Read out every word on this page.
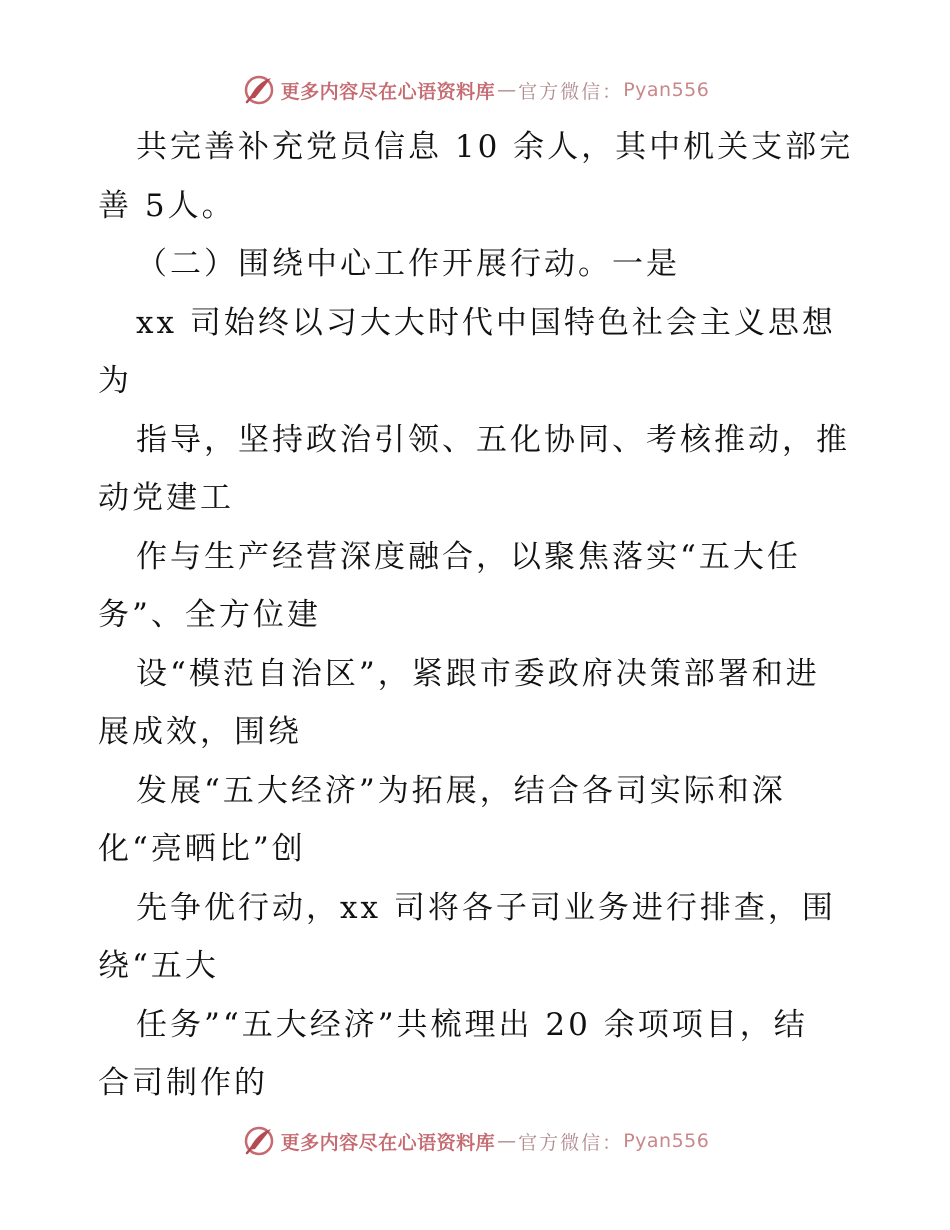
更多内容尽在心语资料库 — 官方微信： Pyan556
共完善补充党员信息 10 余人，其中机关支部完
善 5人。
（二）围绕中心工作开展行动。一是
xx 司始终以习大大时代中国特色社会主义思想
为
指导，坚持政治引领、五化协同、考核推动，推
动党建工
作与生产经营深度融合，以聚焦落实“五大任
务”、全方位建
设“模范自治区”，紧跟市委政府决策部署和进
展成效，围绕
发展“五大经济”为拓展，结合各司实际和深
化“亮晒比”创
先争优行动，xx 司将各子司业务进行排查，围
绕“五大
任务”“五大经济”共梳理出 20 余项项目，结
合司制作的
更多内容尽在心语资料库 — 官方微信： Pyan556
